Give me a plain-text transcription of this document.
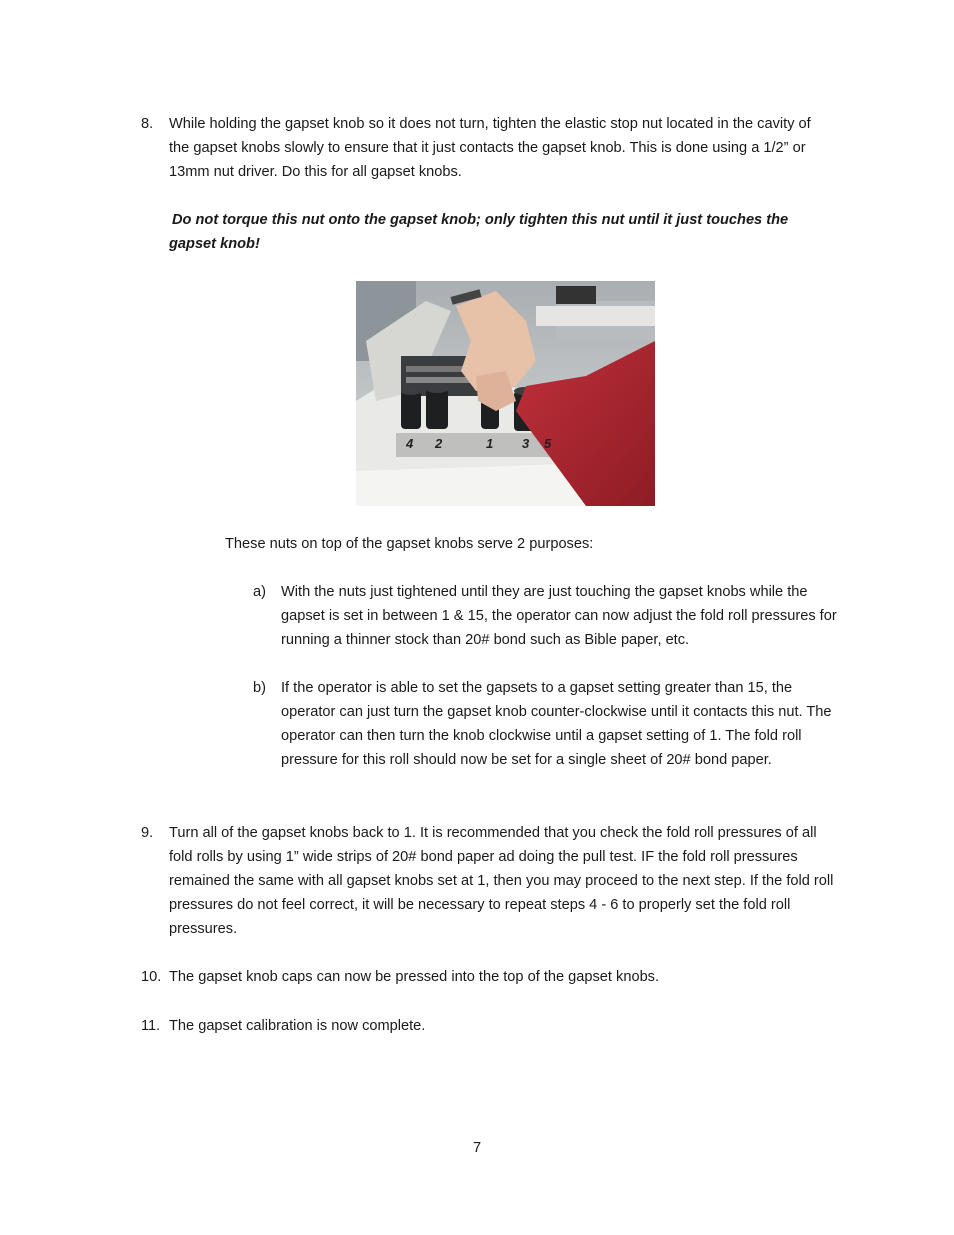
8. While holding the gapset knob so it does not turn, tighten the elastic stop nut located in the cavity of the gapset knobs slowly to ensure that it just contacts the gapset knob. This is done using a 1/2” or 13mm nut driver. Do this for all gapset knobs.
Do not torque this nut onto the gapset knob; only tighten this nut until it just touches the gapset knob!
4 2	1 3 5
These nuts on top of the gapset knobs serve 2 purposes:
a) With the nuts just tightened until they are just touching the gapset knobs while the gapset is set in between 1 & 15, the operator can now adjust the fold roll pressures for running a thinner stock than 20# bond such as Bible paper, etc.
b) If the operator is able to set the gapsets to a gapset setting greater than 15, the operator can just turn the gapset knob counter-clockwise until it contacts this nut. The operator can then turn the knob clockwise until a gapset setting of 1. The fold roll pressure for this roll should now be set for a single sheet of 20# bond paper.
9. Turn all of the gapset knobs back to 1. It is recommended that you check the fold roll pressures of all fold rolls by using 1” wide strips of 20# bond paper ad doing the pull test. IF the fold roll pressures remained the same with all gapset knobs set at 1, then you may proceed to the next step. If the fold roll pressures do not feel correct, it will be necessary to repeat steps 4 - 6 to properly set the fold roll pressures.
10. The gapset knob caps can now be pressed into the top of the gapset knobs.
11. The gapset calibration is now complete.
7
